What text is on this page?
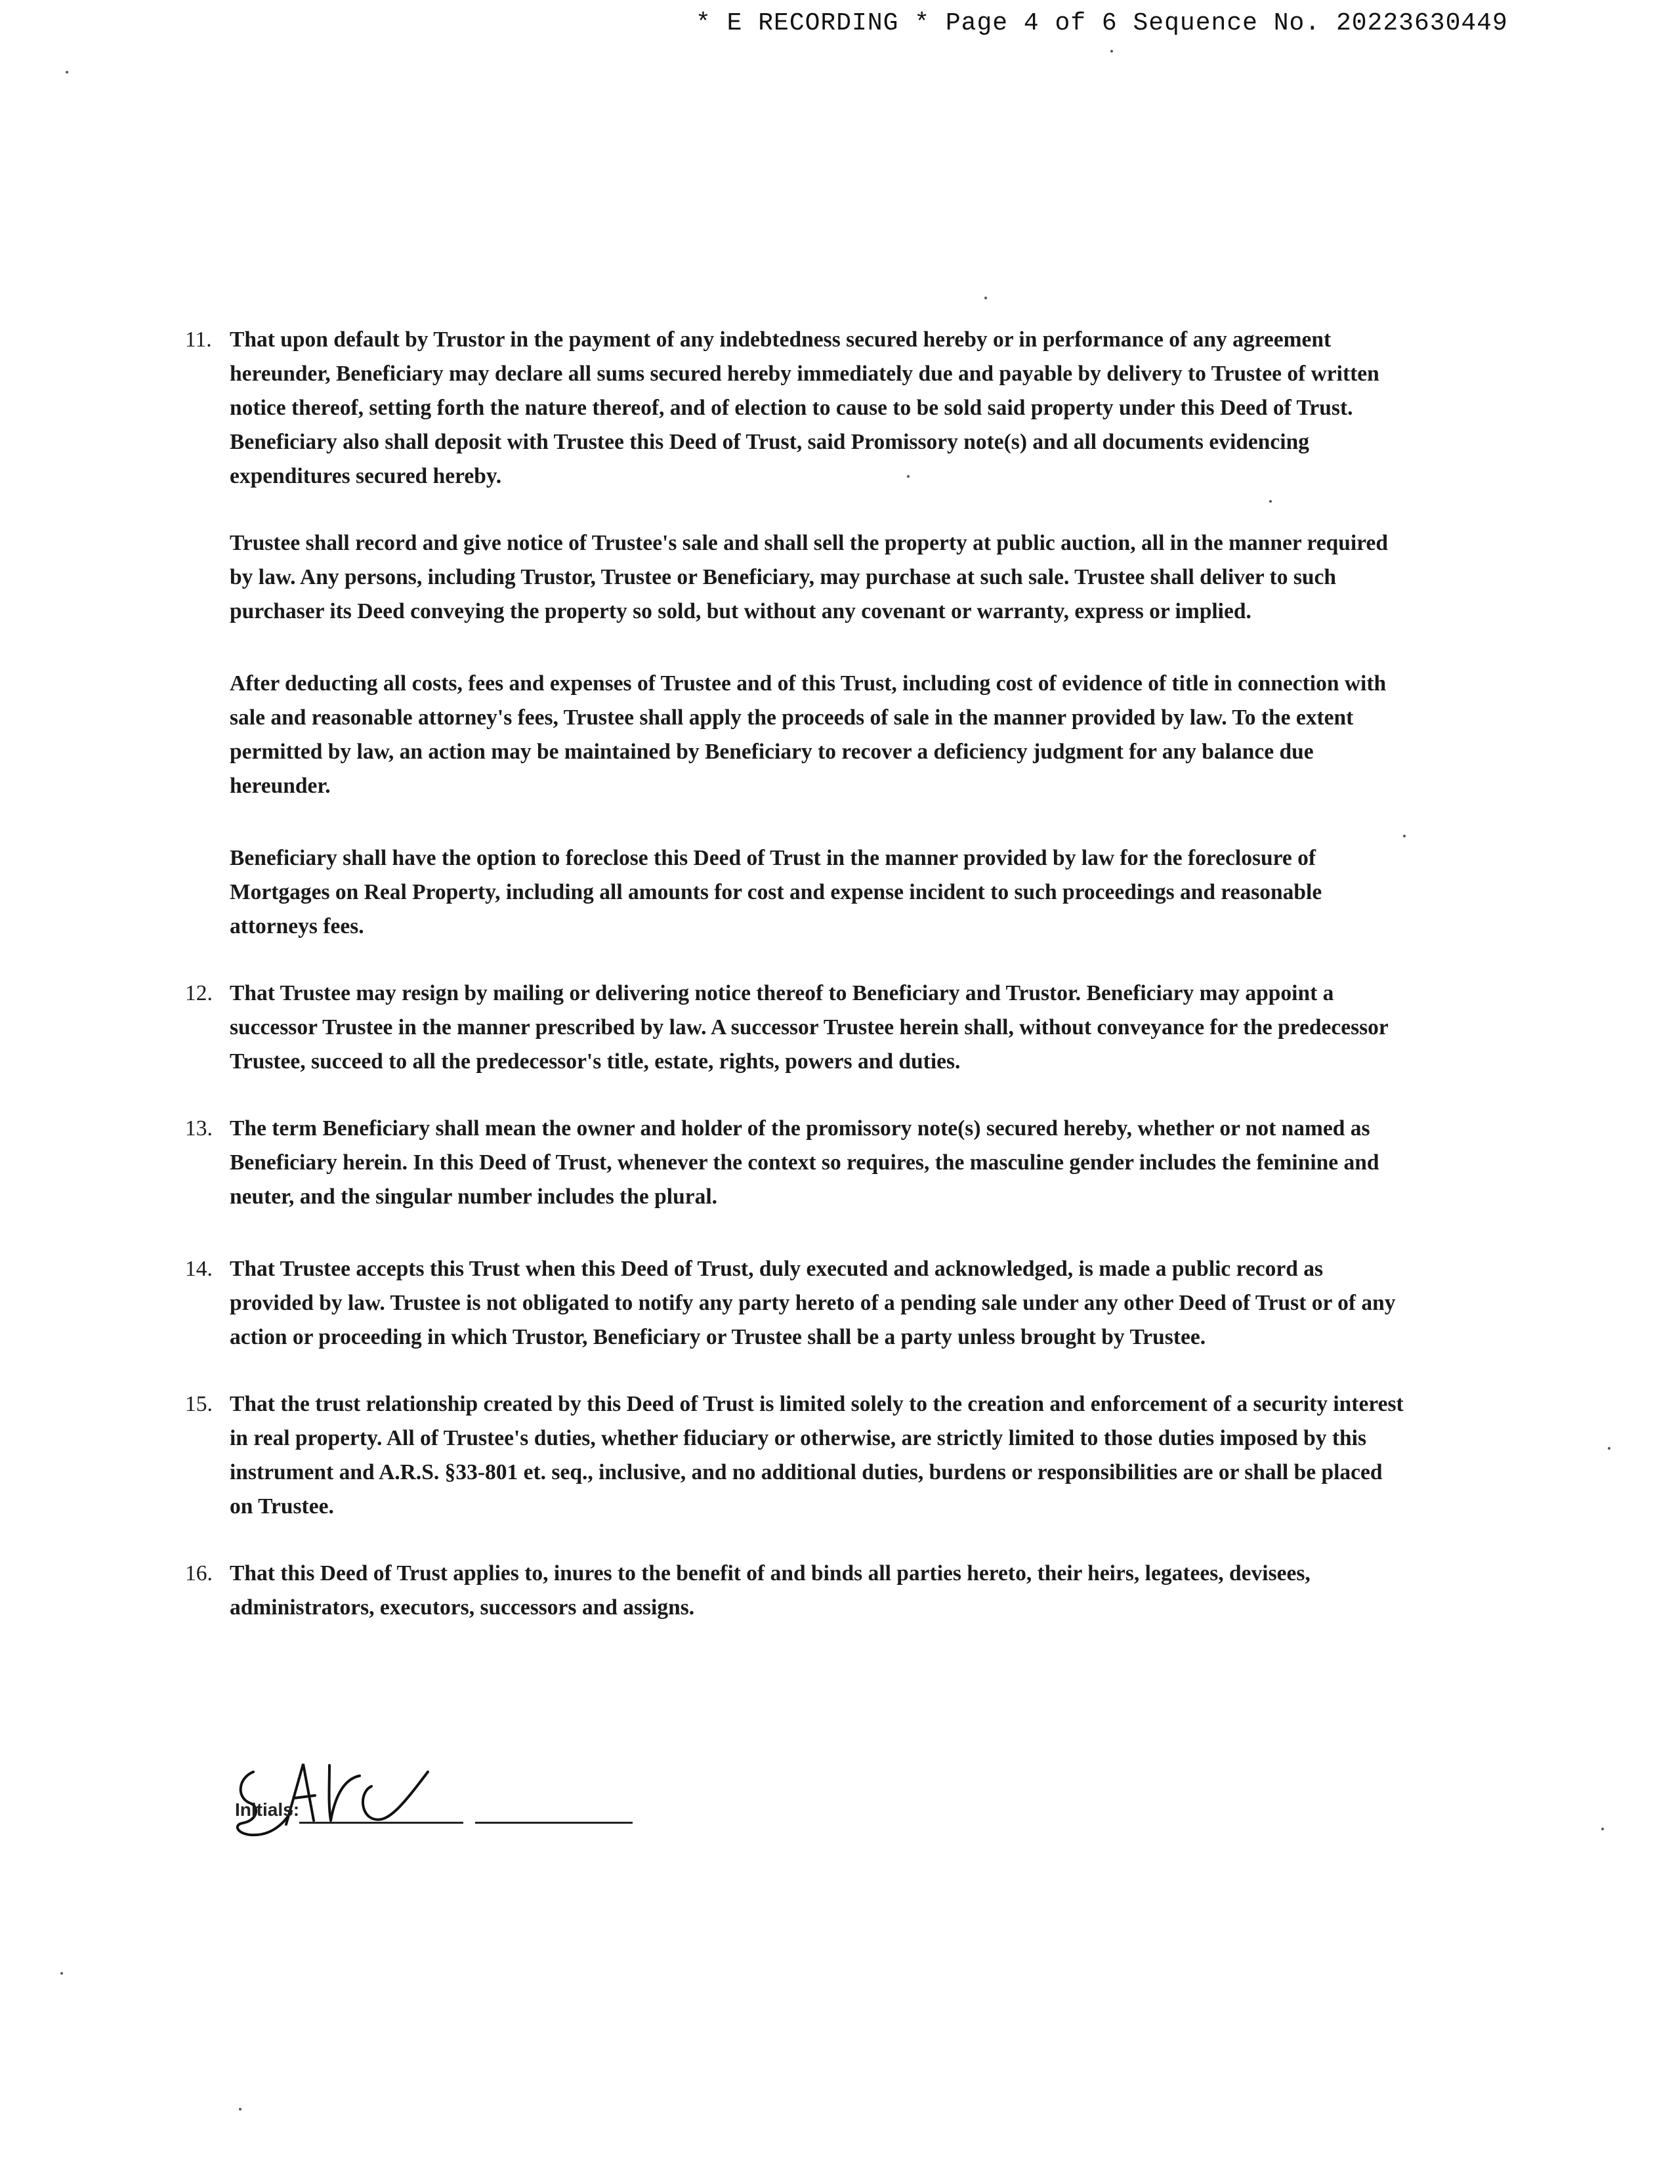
* E RECORDING * Page 4 of 6 Sequence No. 20223630449
11. That upon default by Trustor in the payment of any indebtedness secured hereby or in performance of any agreement hereunder, Beneficiary may declare all sums secured hereby immediately due and payable by delivery to Trustee of written notice thereof, setting forth the nature thereof, and of election to cause to be sold said property under this Deed of Trust. Beneficiary also shall deposit with Trustee this Deed of Trust, said Promissory note(s) and all documents evidencing expenditures secured hereby.
Trustee shall record and give notice of Trustee's sale and shall sell the property at public auction, all in the manner required by law. Any persons, including Trustor, Trustee or Beneficiary, may purchase at such sale. Trustee shall deliver to such purchaser its Deed conveying the property so sold, but without any covenant or warranty, express or implied.
After deducting all costs, fees and expenses of Trustee and of this Trust, including cost of evidence of title in connection with sale and reasonable attorney's fees, Trustee shall apply the proceeds of sale in the manner provided by law. To the extent permitted by law, an action may be maintained by Beneficiary to recover a deficiency judgment for any balance due hereunder.
Beneficiary shall have the option to foreclose this Deed of Trust in the manner provided by law for the foreclosure of Mortgages on Real Property, including all amounts for cost and expense incident to such proceedings and reasonable attorneys fees.
12. That Trustee may resign by mailing or delivering notice thereof to Beneficiary and Trustor. Beneficiary may appoint a successor Trustee in the manner prescribed by law. A successor Trustee herein shall, without conveyance for the predecessor Trustee, succeed to all the predecessor's title, estate, rights, powers and duties.
13. The term Beneficiary shall mean the owner and holder of the promissory note(s) secured hereby, whether or not named as Beneficiary herein. In this Deed of Trust, whenever the context so requires, the masculine gender includes the feminine and neuter, and the singular number includes the plural.
14. That Trustee accepts this Trust when this Deed of Trust, duly executed and acknowledged, is made a public record as provided by law. Trustee is not obligated to notify any party hereto of a pending sale under any other Deed of Trust or of any action or proceeding in which Trustor, Beneficiary or Trustee shall be a party unless brought by Trustee.
15. That the trust relationship created by this Deed of Trust is limited solely to the creation and enforcement of a security interest in real property. All of Trustee's duties, whether fiduciary or otherwise, are strictly limited to those duties imposed by this instrument and A.R.S. §33-801 et. seq., inclusive, and no additional duties, burdens or responsibilities are or shall be placed on Trustee.
16. That this Deed of Trust applies to, inures to the benefit of and binds all parties hereto, their heirs, legatees, devisees, administrators, executors, successors and assigns.
Initials:
